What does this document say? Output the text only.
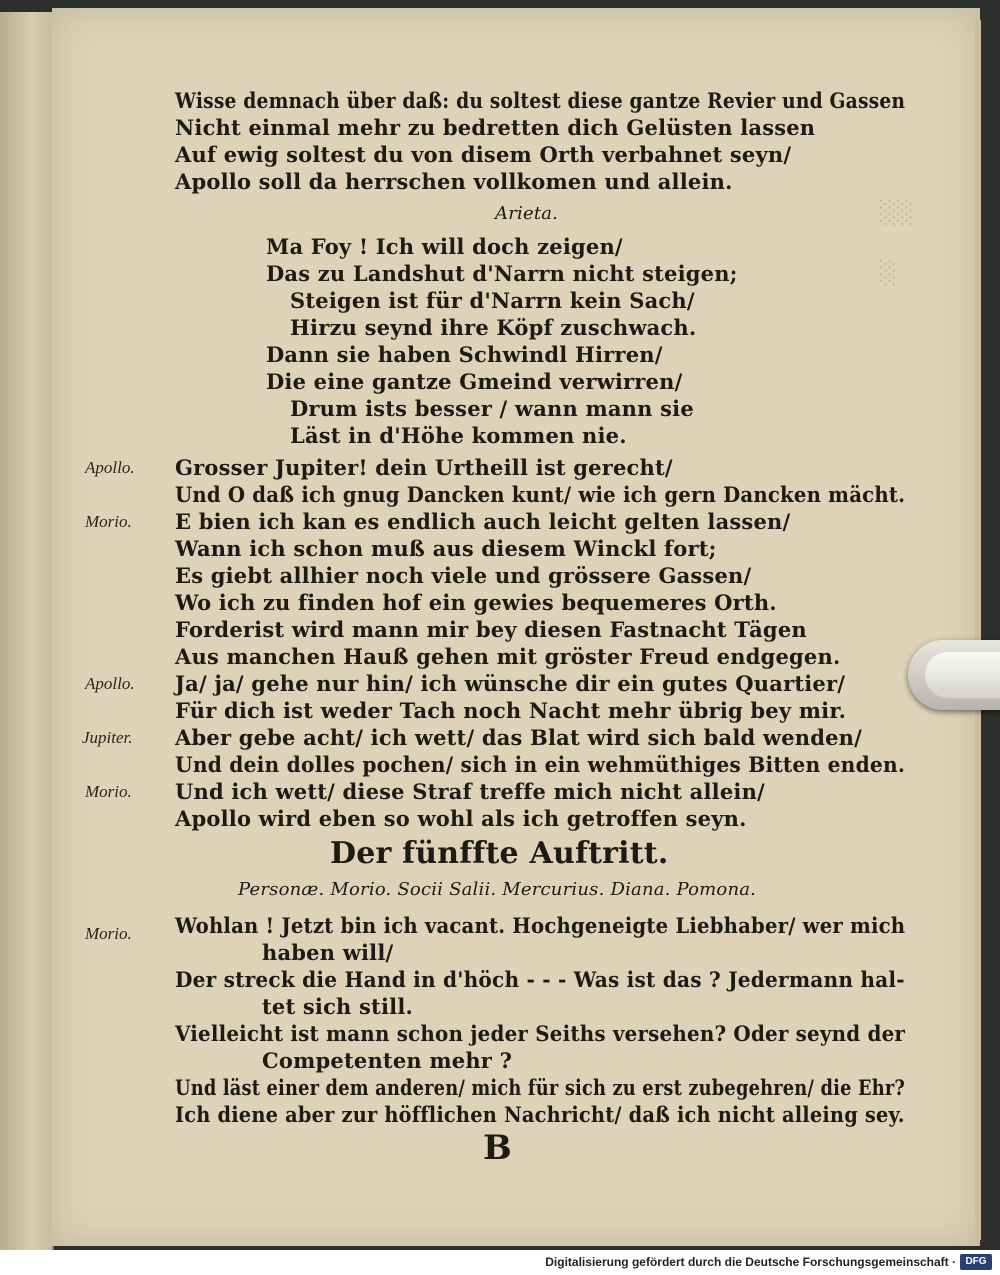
░░
░
Wisse demnach über daß: du soltest diese gantze Revier und Gassen
Nicht einmal mehr zu bedretten dich Gelüsten lassen
Auf ewig soltest du von disem Orth verbahnet seyn/
Apollo soll da herrschen vollkomen und allein.
Arieta.
Ma Foy ! Ich will doch zeigen/
Das zu Landshut d'Narrn nicht steigen;
Steigen ist für d'Narrn kein Sach/
Hirzu seynd ihre Köpf zuschwach.
Dann sie haben Schwindl Hirren/
Die eine gantze Gmeind verwirren/
Drum ists besser / wann mann sie
Läst in d'Höhe kommen nie.
Apollo. Grosser Jupiter! dein Urtheill ist gerecht/
Und O daß ich gnug Dancken kunt/ wie ich gern Dancken mächt.
Morio. E bien ich kan es endlich auch leicht gelten lassen/
Wann ich schon muß aus diesem Winckl fort;
Es giebt allhier noch viele und grössere Gassen/
Wo ich zu finden hof ein gewies bequemeres Orth.
Forderist wird mann mir bey diesen Fastnacht Tägen
Aus manchen Hauß gehen mit gröster Freud endgegen.
Apollo. Ja/ ja/ gehe nur hin/ ich wünsche dir ein gutes Quartier/
Für dich ist weder Tach noch Nacht mehr übrig bey mir.
Jupiter. Aber gebe acht/ ich wett/ das Blat wird sich bald wenden/
Und dein dolles pochen/ sich in ein wehmüthiges Bitten enden.
Morio. Und ich wett/ diese Straf treffe mich nicht allein/
Apollo wird eben so wohl als ich getroffen seyn.
Der fünffte Auftritt.
Personæ. Morio. Socii Salii. Mercurius. Diana. Pomona.
Morio. Wohlan ! Jetzt bin ich vacant. Hochgeneigte Liebhaber/ wer mich
haben will/
Der streck die Hand in d'höch - - - Was ist das ? Jedermann hal-
tet sich still.
Vielleicht ist mann schon jeder Seiths versehen? Oder seynd der
Competenten mehr ?
Und läst einer dem anderen/ mich für sich zu erst zubegehren/ die Ehr?
Ich diene aber zur höfflichen Nachricht/ daß ich nicht alleing sey.
B
Digitalisierung gefördert durch die Deutsche Forschungsgemeinschaft · DFG
